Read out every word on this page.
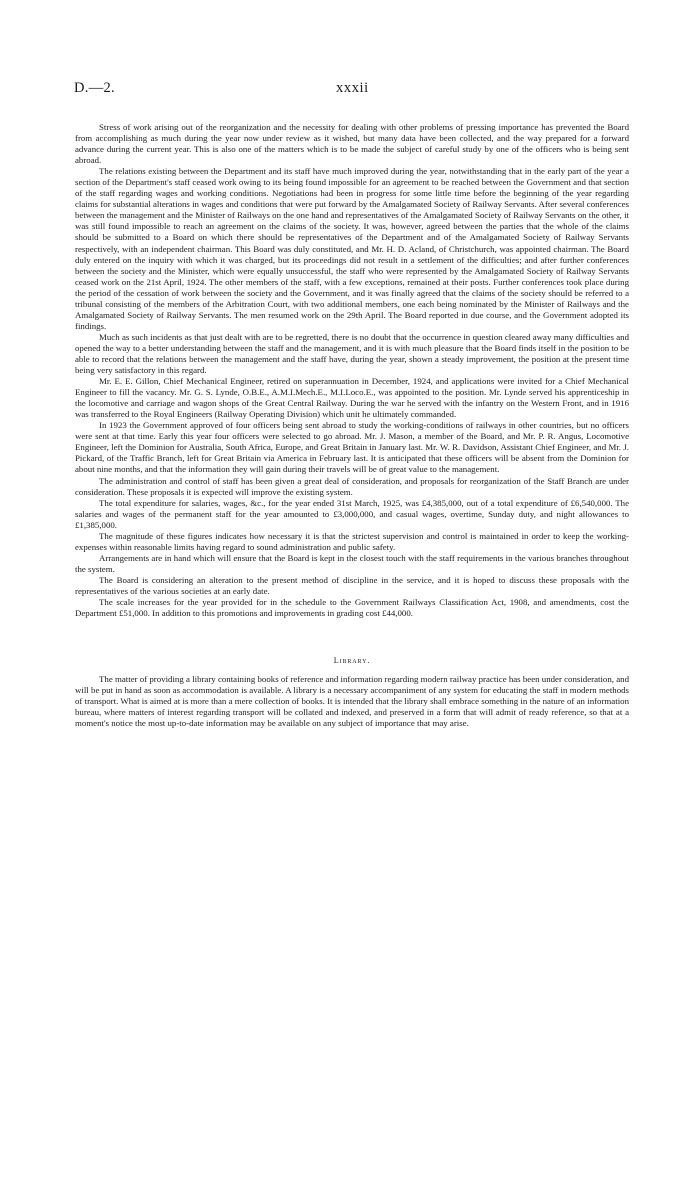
D.—2.	xxxii

Stress of work arising out of the reorganization and the necessity for dealing with other problems of pressing importance has prevented the Board from accomplishing as much during the year now under review as it wished, but many data have been collected, and the way prepared for a forward advance during the current year. This is also one of the matters which is to be made the subject of careful study by one of the officers who is being sent abroad.

The relations existing between the Department and its staff have much improved during the year, notwithstanding that in the early part of the year a section of the Department's staff ceased work owing to its being found impossible for an agreement to be reached between the Government and that section of the staff regarding wages and working conditions. Negotiations had been in progress for some little time before the beginning of the year regarding claims for substantial alterations in wages and conditions that were put forward by the Amalgamated Society of Railway Servants. After several conferences between the management and the Minister of Railways on the one hand and representatives of the Amalgamated Society of Railway Servants on the other, it was still found impossible to reach an agreement on the claims of the society. It was, however, agreed between the parties that the whole of the claims should be submitted to a Board on which there should be representatives of the Department and of the Amalgamated Society of Railway Servants respectively, with an independent chairman. This Board was duly constituted, and Mr. H. D. Acland, of Christchurch, was appointed chairman. The Board duly entered on the inquiry with which it was charged, but its proceedings did not result in a settlement of the difficulties; and after further conferences between the society and the Minister, which were equally unsuccessful, the staff who were represented by the Amalgamated Society of Railway Servants ceased work on the 21st April, 1924. The other members of the staff, with a few exceptions, remained at their posts. Further conferences took place during the period of the cessation of work between the society and the Government, and it was finally agreed that the claims of the society should be referred to a tribunal consisting of the members of the Arbitration Court, with two additional members, one each being nominated by the Minister of Railways and the Amalgamated Society of Railway Servants. The men resumed work on the 29th April. The Board reported in due course, and the Government adopted its findings.

Much as such incidents as that just dealt with are to be regretted, there is no doubt that the occurrence in question cleared away many difficulties and opened the way to a better understanding between the staff and the management, and it is with much pleasure that the Board finds itself in the position to be able to record that the relations between the management and the staff have, during the year, shown a steady improvement, the position at the present time being very satisfactory in this regard.

Mr. E. E. Gillon, Chief Mechanical Engineer, retired on superannuation in December, 1924, and applications were invited for a Chief Mechanical Engineer to fill the vacancy. Mr. G. S. Lynde, O.B.E., A.M.I.Mech.E., M.I.Loco.E., was appointed to the position. Mr. Lynde served his apprenticeship in the locomotive and carriage and wagon shops of the Great Central Railway. During the war he served with the infantry on the Western Front, and in 1916 was transferred to the Royal Engineers (Railway Operating Division) which unit he ultimately commanded.

In 1923 the Government approved of four officers being sent abroad to study the working-conditions of railways in other countries, but no officers were sent at that time. Early this year four officers were selected to go abroad. Mr. J. Mason, a member of the Board, and Mr. P. R. Angus, Locomotive Engineer, left the Dominion for Australia, South Africa, Europe, and Great Britain in January last. Mr. W. R. Davidson, Assistant Chief Engineer, and Mr. J. Pickard, of the Traffic Branch, left for Great Britain via America in February last. It is anticipated that these officers will be absent from the Dominion for about nine months, and that the information they will gain during their travels will be of great value to the management.

The administration and control of staff has been given a great deal of consideration, and proposals for reorganization of the Staff Branch are under consideration. These proposals it is expected will improve the existing system.

The total expenditure for salaries, wages, &c., for the year ended 31st March, 1925, was £4,385,000, out of a total expenditure of £6,540,000. The salaries and wages of the permanent staff for the year amounted to £3,000,000, and casual wages, overtime, Sunday duty, and night allowances to £1,385,000.

The magnitude of these figures indicates how necessary it is that the strictest supervision and control is maintained in order to keep the working-expenses within reasonable limits having regard to sound administration and public safety.

Arrangements are in hand which will ensure that the Board is kept in the closest touch with the staff requirements in the various branches throughout the system.

The Board is considering an alteration to the present method of discipline in the service, and it is hoped to discuss these proposals with the representatives of the various societies at an early date.

The scale increases for the year provided for in the schedule to the Government Railways Classification Act, 1908, and amendments, cost the Department £51,000. In addition to this promotions and improvements in grading cost £44,000.

Library.

The matter of providing a library containing books of reference and information regarding modern railway practice has been under consideration, and will be put in hand as soon as accommodation is available. A library is a necessary accompaniment of any system for educating the staff in modern methods of transport. What is aimed at is more than a mere collection of books. It is intended that the library shall embrace something in the nature of an information bureau, where matters of interest regarding transport will be collated and indexed, and preserved in a form that will admit of ready reference, so that at a moment's notice the most up-to-date information may be available on any subject of importance that may arise.
